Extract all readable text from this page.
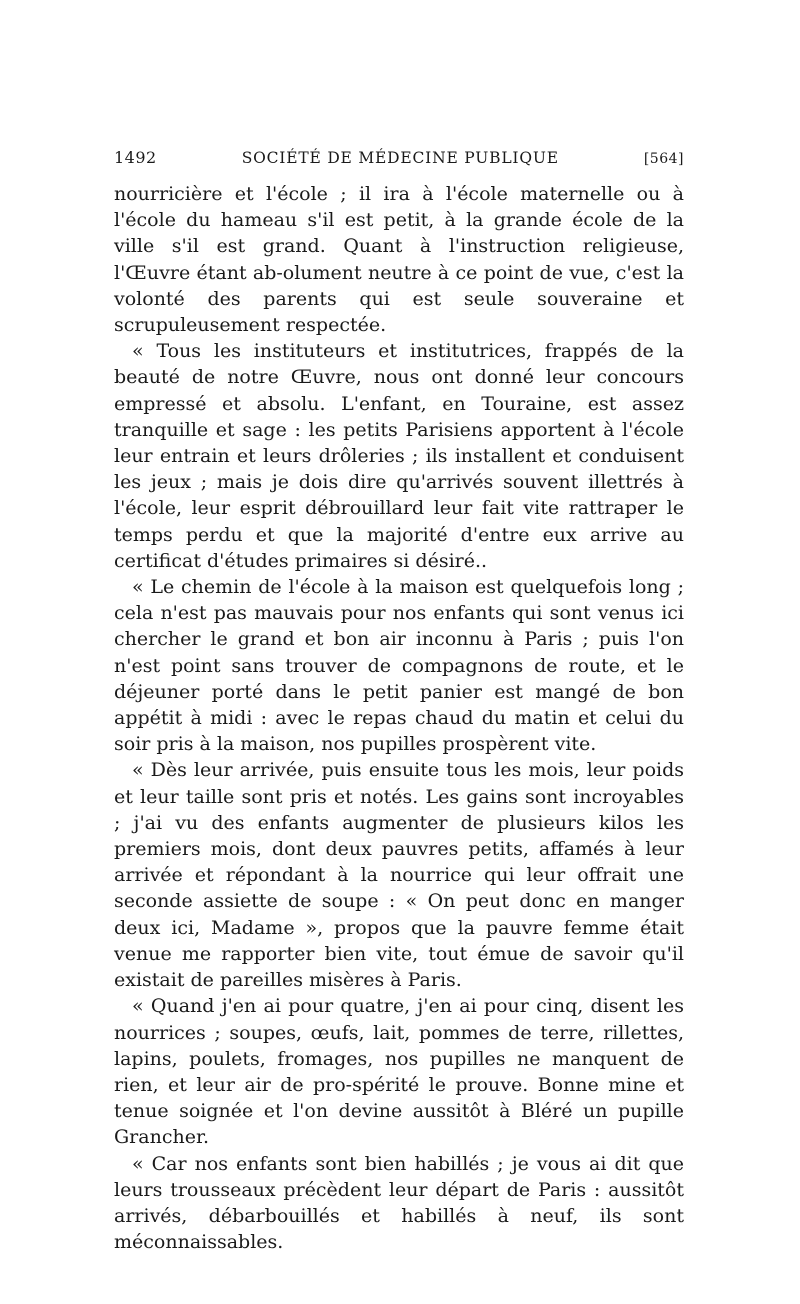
1492	SOCIÉTÉ DE MÉDECINE PUBLIQUE	[564]

nourricière et l'école ; il ira à l'école maternelle ou à l'école du hameau s'il est petit, à la grande école de la ville s'il est grand. Quant à l'instruction religieuse, l'Œuvre étant ab-olument neutre à ce point de vue, c'est la volonté des parents qui est seule souveraine et scrupuleusement respectée.

« Tous les instituteurs et institutrices, frappés de la beauté de notre Œuvre, nous ont donné leur concours empressé et absolu. L'enfant, en Touraine, est assez tranquille et sage : les petits Parisiens apportent à l'école leur entrain et leurs drôleries ; ils installent et conduisent les jeux ; mais je dois dire qu'arrivés souvent illettrés à l'école, leur esprit débrouillard leur fait vite rattraper le temps perdu et que la majorité d'entre eux arrive au certificat d'études primaires si désiré..

« Le chemin de l'école à la maison est quelquefois long ; cela n'est pas mauvais pour nos enfants qui sont venus ici chercher le grand et bon air inconnu à Paris ; puis l'on n'est point sans trouver de compagnons de route, et le déjeuner porté dans le petit panier est mangé de bon appétit à midi : avec le repas chaud du matin et celui du soir pris à la maison, nos pupilles prospèrent vite.

« Dès leur arrivée, puis ensuite tous les mois, leur poids et leur taille sont pris et notés. Les gains sont incroyables ; j'ai vu des enfants augmenter de plusieurs kilos les premiers mois, dont deux pauvres petits, affamés à leur arrivée et répondant à la nourrice qui leur offrait une seconde assiette de soupe : « On peut donc en manger deux ici, Madame », propos que la pauvre femme était venue me rapporter bien vite, tout émue de savoir qu'il existait de pareilles misères à Paris.

« Quand j'en ai pour quatre, j'en ai pour cinq, disent les nourrices ; soupes, œufs, lait, pommes de terre, rillettes, lapins, poulets, fromages, nos pupilles ne manquent de rien, et leur air de pro-spérité le prouve. Bonne mine et tenue soignée et l'on devine aussitôt à Bléré un pupille Grancher.

« Car nos enfants sont bien habillés ; je vous ai dit que leurs trousseaux précèdent leur départ de Paris : aussitôt arrivés, débarbouillés et habillés à neuf, ils sont méconnaissables.
